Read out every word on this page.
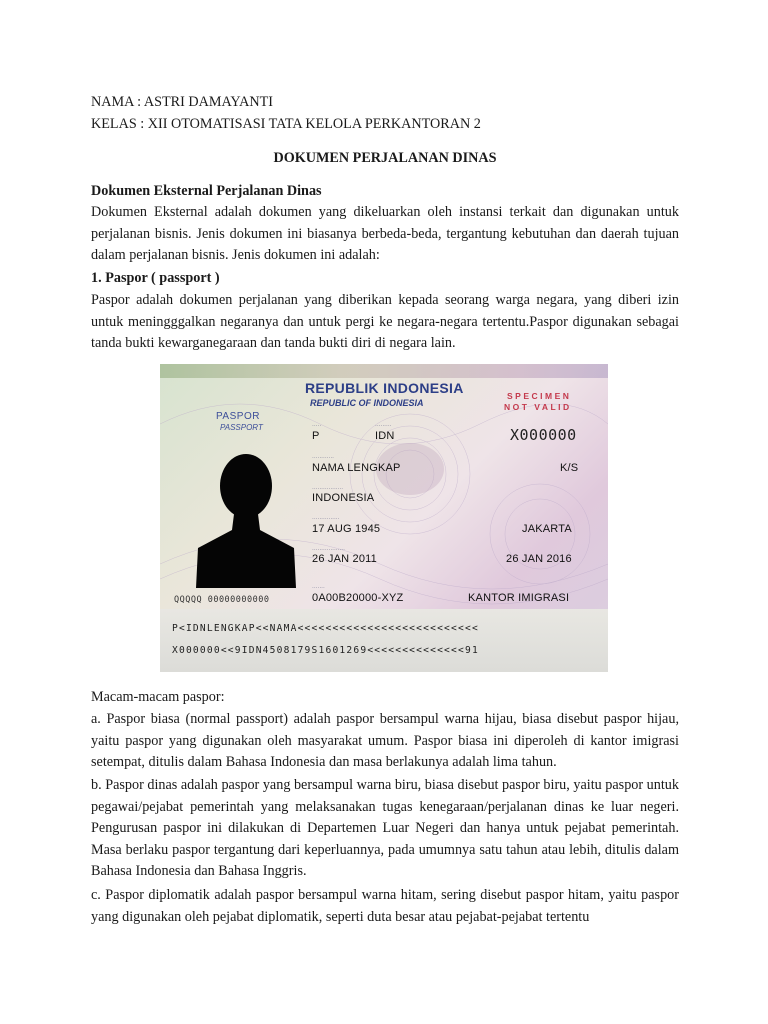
NAMA : ASTRI DAMAYANTI
KELAS : XII OTOMATISASI TATA KELOLA PERKANTORAN 2
DOKUMEN PERJALANAN DINAS
Dokumen Eksternal Perjalanan Dinas
Dokumen Eksternal adalah dokumen yang dikeluarkan oleh instansi terkait dan digunakan untuk perjalanan bisnis. Jenis dokumen ini biasanya berbeda-beda, tergantung kebutuhan dan daerah tujuan dalam perjalanan bisnis. Jenis dokumen ini adalah:
1. Paspor ( passport )
Paspor adalah dokumen perjalanan yang diberikan kepada seorang warga negara, yang diberi izin untuk meningggalkan negaranya dan untuk pergi ke negara-negara tertentu.Paspor digunakan sebagai tanda bukti kewarganegaraan dan tanda bukti diri di negara lain.
Macam-macam paspor:
a. Paspor biasa (normal passport) adalah paspor bersampul warna hijau, biasa disebut paspor hijau, yaitu paspor yang digunakan oleh masyarakat umum. Paspor biasa ini diperoleh di kantor imigrasi setempat, ditulis dalam Bahasa Indonesia dan masa berlakunya adalah lima tahun.
b. Paspor dinas adalah paspor yang bersampul warna biru, biasa disebut paspor biru, yaitu paspor untuk pegawai/pejabat pemerintah yang melaksanakan tugas kenegaraan/perjalanan dinas ke luar negeri. Pengurusan paspor ini dilakukan di Departemen Luar Negeri dan hanya untuk pejabat pemerintah. Masa berlaku paspor tergantung dari keperluannya, pada umumnya satu tahun atau lebih, ditulis dalam Bahasa Indonesia dan Bahasa Inggris.
c. Paspor diplomatik adalah paspor bersampul warna hitam, sering disebut paspor hitam, yaitu paspor yang digunakan oleh pejabat diplomatik, seperti duta besar atau pejabat-pejabat tertentu
REPUBLIK INDONESIA
REPUBLIC OF INDONESIA
SPECIMEN
NOT VALID
PASPOR
PASSPORT
P	IDN	X000000
NAMA LENGKAP	K/S
INDONESIA
17 AUG 1945	JAKARTA
26 JAN 2011	26 JAN 2016
0A00B20000-XYZ	KANTOR IMIGRASI
QQQQQ 00000000000
·····	·········
············
·················
···············
··················
·······
P<IDNLENGKAP<<NAMA<<<<<<<<<<<<<<<<<<<<<<<<<<
X000000<<9IDN4508179S1601269<<<<<<<<<<<<<<91
